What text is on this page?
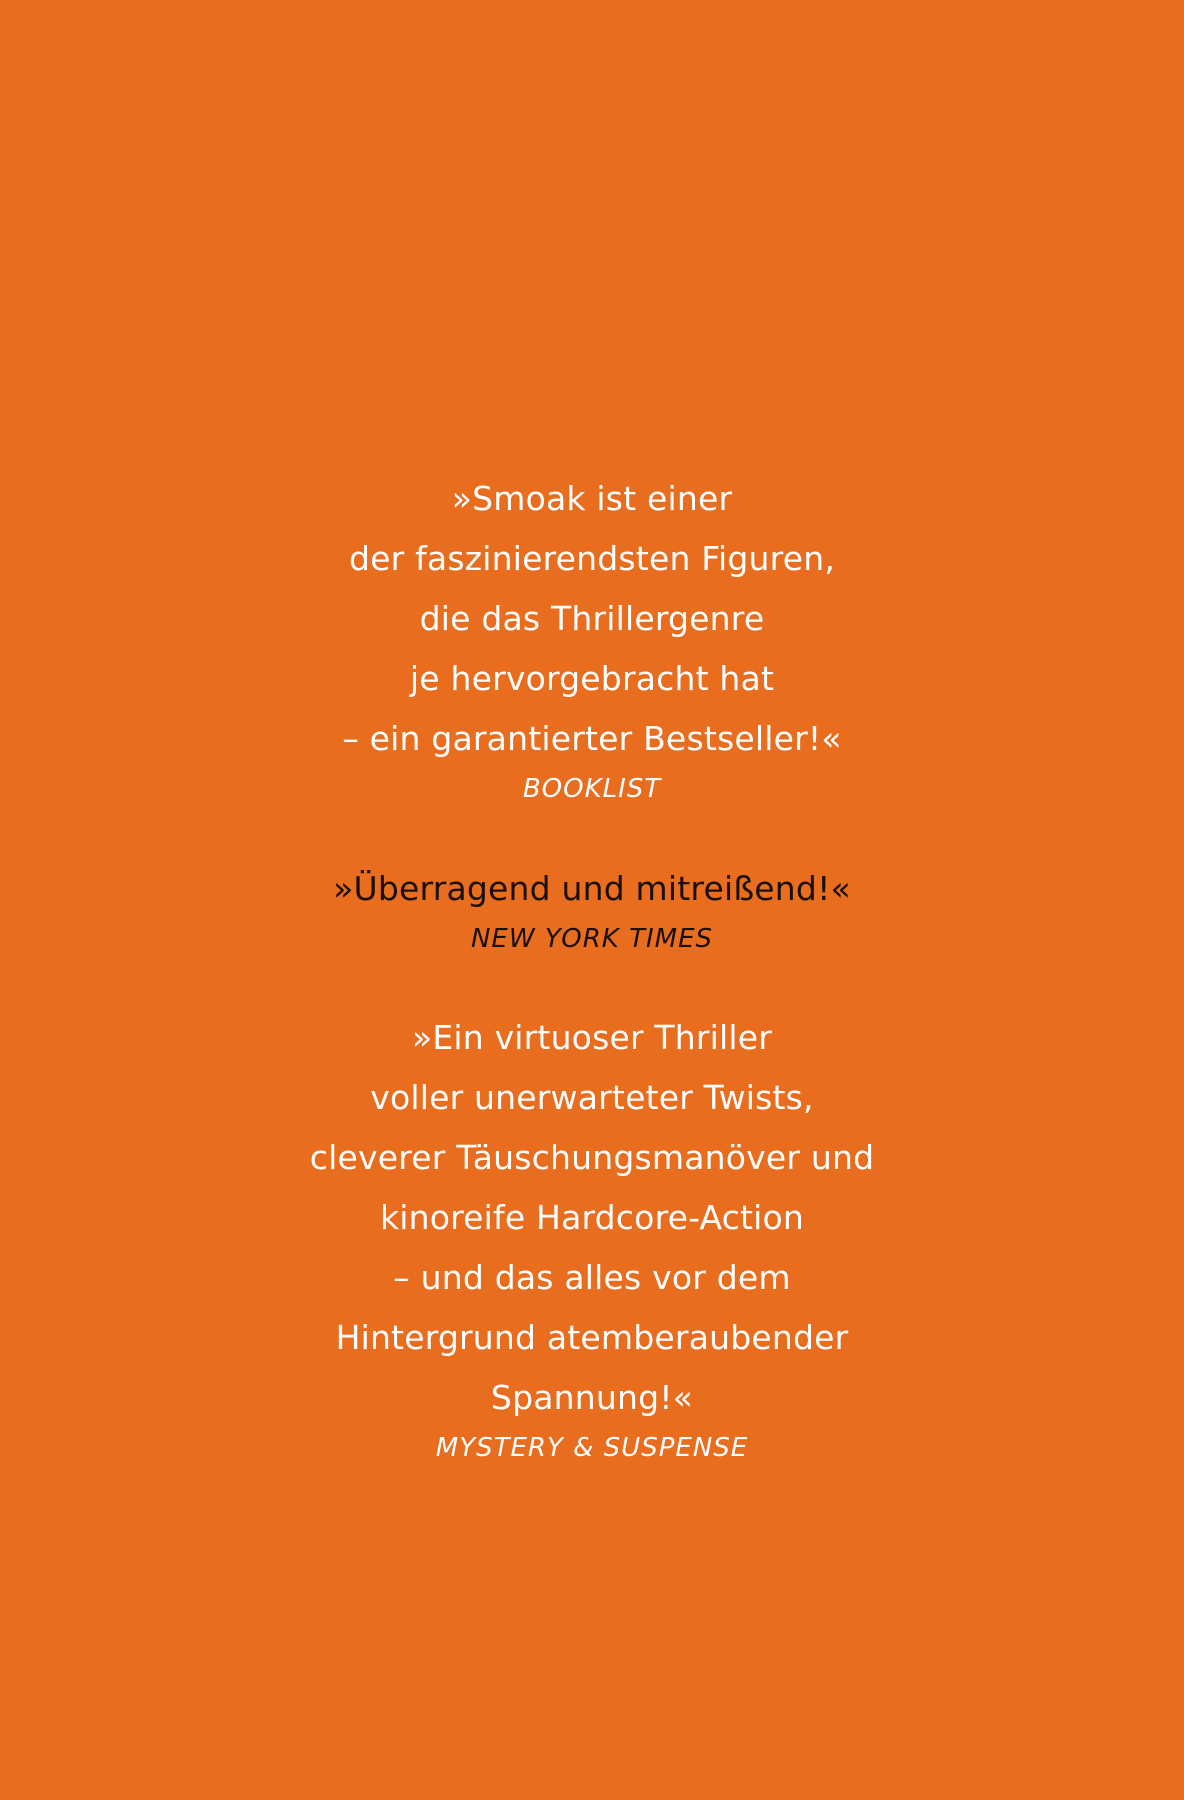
»Smoak ist einer
der faszinierendsten Figuren,
die das Thrillergenre
je hervorgebracht hat
– ein garantierter Bestseller!«
BOOKLIST
»Überragend und mitreißend!«
NEW YORK TIMES
»Ein virtuoser Thriller
voller unerwarteter Twists,
cleverer Täuschungsmanöver und
kinoreife Hardcore-Action
– und das alles vor dem
Hintergrund atemberaubender
Spannung!«
MYSTERY & SUSPENSE
